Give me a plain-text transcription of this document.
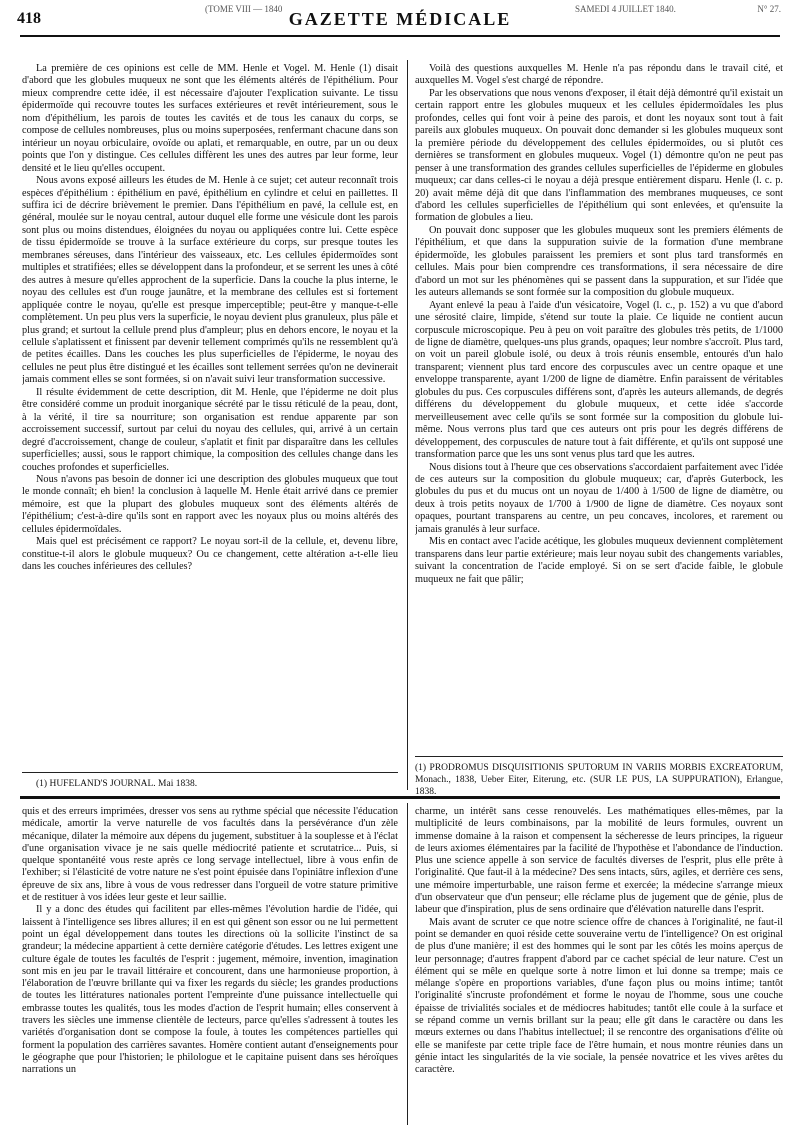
418
(TOME VIII — 1840 GAZETTE MÉDICALE	SAMEDI 4 JUILLET 1840.	N° 27.

La première de ces opinions est celle de MM. Henle et Vogel. M. Henle (1) disait d'abord que les globules muqueux ne sont que les éléments altérés de l'épithélium. Pour mieux comprendre cette idée, il est nécessaire d'ajouter l'explication suivante. Le tissu épidermoïde qui recouvre toutes les surfaces extérieures et revêt intérieurement, sous le nom d'épithélium, les parois de toutes les cavités et de tous les canaux du corps, se compose de cellules nombreuses, plus ou moins superposées, renfermant chacune dans son intérieur un noyau orbiculaire, ovoïde ou aplati, et remarquable, en outre, par un ou deux points que l'on y distingue. Ces cellules diffèrent les unes des autres par leur forme, leur densité et le lieu qu'elles occupent.

Nous avons exposé ailleurs les études de M. Henle à ce sujet; cet auteur reconnaît trois espèces d'épithélium : épithélium en pavé, épithélium en cylindre et celui en paillettes. Il suffira ici de décrire brièvement le premier. Dans l'épithélium en pavé, la cellule est, en général, moulée sur le noyau central, autour duquel elle forme une vésicule dont les parois sont plus ou moins distendues, éloignées du noyau ou appliquées contre lui. Cette espèce de tissu épidermoïde se trouve à la surface extérieure du corps, sur presque toutes les membranes séreuses, dans l'intérieur des vaisseaux, etc. Les cellules épidermoïdes sont multiples et stratifiées; elles se développent dans la profondeur, et se serrent les unes à côté des autres à mesure qu'elles approchent de la superficie. Dans la couche la plus interne, le noyau des cellules est d'un rouge jaunâtre, et la membrane des cellules est si fortement appliquée contre le noyau, qu'elle est presque imperceptible; peut-être y manque-t-elle complètement. Un peu plus vers la superficie, le noyau devient plus granuleux, plus pâle et plus grand; et surtout la cellule prend plus d'ampleur; plus en dehors encore, le noyau et la cellule s'aplatissent et finissent par devenir tellement comprimés qu'ils ne ressemblent qu'à de petites écailles. Dans les couches les plus superficielles de l'épiderme, le noyau des cellules ne peut plus être distingué et les écailles sont tellement serrées qu'on ne devinerait jamais comment elles se sont formées, si on n'avait suivi leur transformation successive.

Il résulte évidemment de cette description, dit M. Henle, que l'épiderme ne doit plus être considéré comme un produit inorganique sécrété par le tissu réticulé de la peau, dont, à la vérité, il tire sa nourriture; son organisation est rendue apparente par son accroissement successif, surtout par celui du noyau des cellules, qui, arrivé à un certain degré d'accroissement, change de couleur, s'aplatit et finit par disparaître dans les cellules superficielles; aussi, sous le rapport chimique, la composition des cellules change dans les couches profondes et superficielles.

Nous n'avons pas besoin de donner ici une description des globules muqueux que tout le monde connaît; eh bien! la conclusion à laquelle M. Henle était arrivé dans ce premier mémoire, est que la plupart des globules muqueux sont des éléments altérés de l'épithélium; c'est-à-dire qu'ils sont en rapport avec les noyaux plus ou moins altérés des cellules épidermoïdales.

Mais quel est précisément ce rapport? Le noyau sort-il de la cellule, et, devenu libre, constitue-t-il alors le globule muqueux? Ou ce changement, cette altération a-t-elle lieu dans les couches inférieures des cellules?

(1) HUFELAND'S JOURNAL. Mai 1838.

Voilà des questions auxquelles M. Henle n'a pas répondu dans le travail cité, et auxquelles M. Vogel s'est chargé de répondre.

Par les observations que nous venons d'exposer, il était déjà démontré qu'il existait un certain rapport entre les globules muqueux et les cellules épidermoïdales les plus profondes, celles qui font voir à peine des parois, et dont les noyaux sont tout à fait pareils aux globules muqueux. On pouvait donc demander si les globules muqueux sont la première période du développement des cellules épidermoïdes, ou si plutôt ces dernières se transforment en globules muqueux. Vogel (1) démontre qu'on ne peut pas penser à une transformation des grandes cellules superficielles de l'épiderme en globules muqueux; car dans celles-ci le noyau a déjà presque entièrement disparu. Henle (l. c. p. 20) avait même déjà dit que dans l'inflammation des membranes muqueuses, ce sont d'abord les cellules superficielles de l'épithélium qui sont enlevées, et qu'ensuite la formation de globules a lieu.

On pouvait donc supposer que les globules muqueux sont les premiers éléments de l'épithélium, et que dans la suppuration suivie de la formation d'une membrane épidermoïde, les globules paraissent les premiers et sont plus tard transformés en cellules. Mais pour bien comprendre ces transformations, il sera nécessaire de dire d'abord un mot sur les phénomènes qui se passent dans la suppuration, et sur l'idée que les auteurs allemands se sont formée sur la composition du globule muqueux.

Ayant enlevé la peau à l'aide d'un vésicatoire, Vogel (l. c., p. 152) a vu que d'abord une sérosité claire, limpide, s'étend sur toute la plaie. Ce liquide ne contient aucun corpuscule microscopique. Peu à peu on voit paraître des globules très petits, de 1/1000 de ligne de diamètre, quelques-uns plus grands, opaques; leur nombre s'accroît. Plus tard, on voit un pareil globule isolé, ou deux à trois réunis ensemble, entourés d'un halo transparent; viennent plus tard encore des corpuscules avec un centre opaque et une enveloppe transparente, ayant 1/200 de ligne de diamètre. Enfin paraissent de véritables globules du pus. Ces corpuscules différens sont, d'après les auteurs allemands, de degrés différens du développement du globule muqueux, et cette idée s'accorde merveilleusement avec celle qu'ils se sont formée sur la composition du globule lui-même. Nous verrons plus tard que ces auteurs ont pris pour les degrés différens de développement, des corpuscules de nature tout à fait différente, et qu'ils ont supposé une transformation parce que les uns sont venus plus tard que les autres.

Nous disions tout à l'heure que ces observations s'accordaient parfaitement avec l'idée de ces auteurs sur la composition du globule muqueux; car, d'après Guterbock, les globules du pus et du mucus ont un noyau de 1/400 à 1/500 de ligne de diamètre, ou deux à trois petits noyaux de 1/700 à 1/900 de ligne de diamètre. Ces noyaux sont opaques, pourtant transparens au centre, un peu concaves, incolores, et rarement ou jamais granulés à leur surface.

Mis en contact avec l'acide acétique, les globules muqueux deviennent complètement transparens dans leur partie extérieure; mais leur noyau subit des changements variables, suivant la concentration de l'acide employé. Si on se sert d'acide faible, le globule muqueux ne fait que pâlir;

(1) PRODROMUS DISQUISITIONIS SPUTORUM IN VARIIS MORBIS EXCREATORUM, Monach., 1838, Ueber Eiter, Eiterung, etc. (SUR LE PUS, LA SUPPURATION), Erlangue, 1838.

quis et des erreurs imprimées, dresser vos sens au rythme spécial que nécessite l'éducation médicale, amortir la verve naturelle de vos facultés dans la persévérance d'un zèle mécanique, dilater la mémoire aux dépens du jugement, substituer à la souplesse et à l'éclat d'une organisation vivace je ne sais quelle médiocrité patiente et scrutatrice... Puis, si quelque spontanéité vous reste après ce long servage intellectuel, libre à vous enfin de l'exhiber; si l'élasticité de votre nature ne s'est point épuisée dans l'opiniâtre inflexion d'une épreuve de six ans, libre à vous de vous redresser dans l'orgueil de votre stature primitive et de restituer à vos idées leur geste et leur saillie.

Il y a donc des études qui facilitent par elles-mêmes l'évolution hardie de l'idée, qui laissent à l'intelligence ses libres allures; il en est qui gênent son essor ou ne lui permettent point un égal développement dans toutes les directions où la sollicite l'instinct de sa grandeur; la médecine appartient à cette dernière catégorie d'études. Les lettres exigent une culture égale de toutes les facultés de l'esprit : jugement, mémoire, invention, imagination sont mis en jeu par le travail littéraire et concourent, dans une harmonieuse proportion, à l'élaboration de l'œuvre brillante qui va fixer les regards du siècle; les grandes productions de toutes les littératures nationales portent l'empreinte d'une puissance intellectuelle qui embrasse toutes les qualités, tous les modes d'action de l'esprit humain; elles conservent à travers les siècles une immense clientèle de lecteurs, parce qu'elles s'adressent à toutes les variétés d'organisation dont se compose la foule, à toutes les compétences partielles qui forment la population des carrières savantes. Homère contient autant d'enseignements pour le géographe que pour l'historien; le philologue et le capitaine puisent dans ses héroïques narrations un

charme, un intérêt sans cesse renouvelés. Les mathématiques elles-mêmes, par la multiplicité de leurs combinaisons, par la mobilité de leurs formules, ouvrent un immense domaine à la raison et compensent la sécheresse de leurs principes, la rigueur de leurs axiomes élémentaires par la facilité de l'hypothèse et l'abondance de l'induction. Plus une science appelle à son service de facultés diverses de l'esprit, plus elle prête à l'originalité. Que faut-il à la médecine? Des sens intacts, sûrs, agiles, et derrière ces sens, une mémoire imperturbable, une raison ferme et exercée; la médecine s'arrange mieux d'un observateur que d'un penseur; elle réclame plus de jugement que de génie, plus de labeur que d'inspiration, plus de sens ordinaire que d'élévation naturelle dans l'esprit.

Mais avant de scruter ce que notre science offre de chances à l'originalité, ne faut-il point se demander en quoi réside cette souveraine vertu de l'intelligence? On est original de plus d'une manière; il est des hommes qui le sont par les côtés les moins aperçus de leur personnage; d'autres frappent d'abord par ce cachet spécial de leur nature. C'est un élément qui se mêle en quelque sorte à notre limon et lui donne sa trempe; mais ce mélange s'opère en proportions variables, d'une façon plus ou moins intime; tantôt l'originalité s'incruste profondément et forme le noyau de l'homme, sous une couche épaisse de trivialités sociales et de médiocres habitudes; tantôt elle coule à la surface et se répand comme un vernis brillant sur la peau; elle gît dans le caractère ou dans les mœurs externes ou dans l'habitus intellectuel; il se rencontre des organisations d'élite où elle se manifeste par cette triple face de l'être humain, et nous montre réunies dans un génie intact les singularités de la vie sociale, la pensée novatrice et les vives arêtes du caractère.
